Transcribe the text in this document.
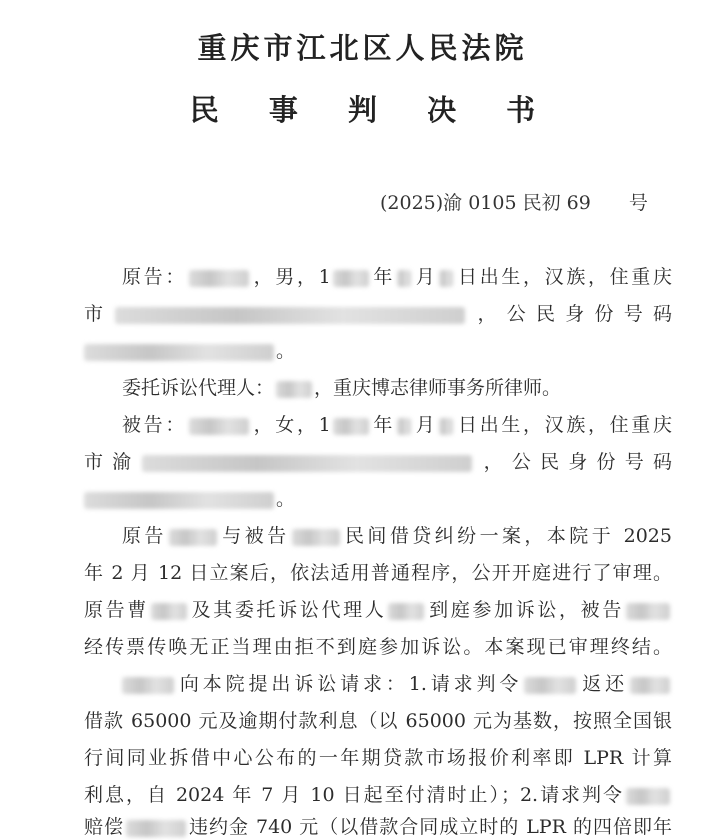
重庆市江北区人民法院
民 事 判 决 书
(2025)渝 0105 民初 69　　号
原告：	，男，1 年 月 日出生，汉族，住重庆
市	，公民身份号码
。
委托诉讼代理人： ，重庆博志律师事务所律师。
被告：	，女，1 年 月 日出生，汉族，住重庆
市渝	，公民身份号码
。
原告	与被告	民间借贷纠纷一案，本院于 2025
年 2 月 12 日立案后，依法适用普通程序，公开开庭进行了审理。
原告曹 及其委托诉讼代理人 到庭参加诉讼，被告
经传票传唤无正当理由拒不到庭参加诉讼。本案现已审理终结。
向本院提出诉讼请求：1.请求判令	返还
借款 65000 元及逾期付款利息（以 65000 元为基数，按照全国银
行间同业拆借中心公布的一年期贷款市场报价利率即 LPR 计算
利息，自 2024 年 7 月 10 日起至付清时止）；2.请求判令
赔偿	违约金 740 元（以借款合同成立时的 LPR 的四倍即年
